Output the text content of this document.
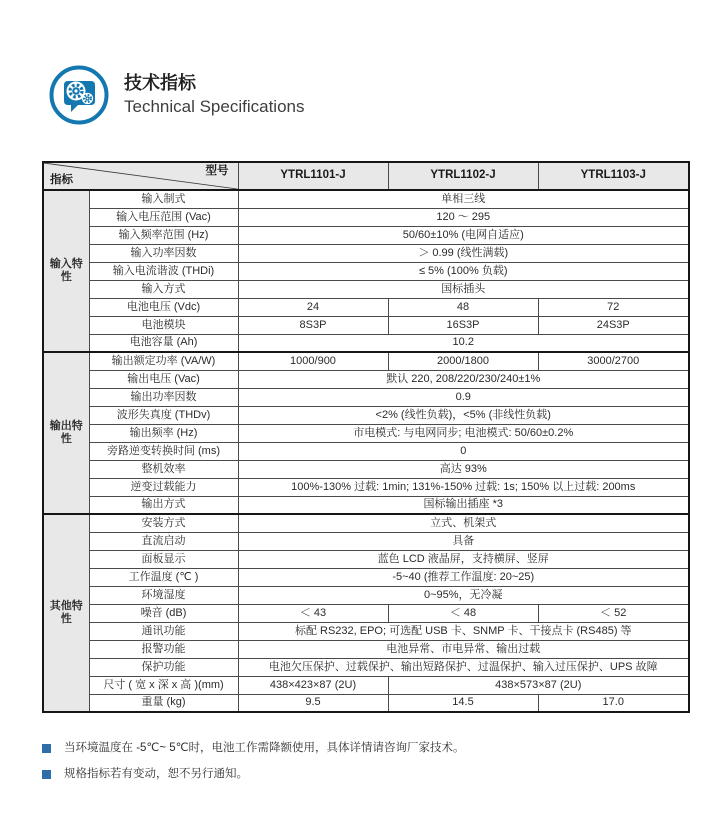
技术指标
Technical Specifications
型号
指标		YTRL1101-J	YTRL1102-J	YTRL1103-J
输入特性	输入制式	单相三线		
	输入电压范围 (Vac)	120 ～ 295		
	输入频率范围 (Hz)	50/60±10% (电网自适应)		
	输入功率因数	＞ 0.99 (线性满载)		
	输入电流谐波 (THDi)	≤ 5% (100% 负载)		
	输入方式	国标插头		
	电池电压 (Vdc)	24	48	72
	电池模块	8S3P	16S3P	24S3P
	电池容量 (Ah)	10.2		
输出特性	输出额定功率 (VA/W)	1000/900	2000/1800	3000/2700
	输出电压 (Vac)	默认 220, 208/220/230/240±1%		
	输出功率因数	0.9		
	波形失真度 (THDv)	<2% (线性负载)，<5% (非线性负载)		
	输出频率 (Hz)	市电模式: 与电网同步; 电池模式: 50/60±0.2%		
	旁路逆变转换时间 (ms)	0		
	整机效率	高达 93%		
	逆变过载能力	100%-130% 过载: 1min; 131%-150% 过载: 1s; 150% 以上过载: 200ms		
	输出方式	国标输出插座 *3		
其他特性	安装方式	立式、机架式		
	直流启动	具备		
	面板显示	蓝色 LCD 液晶屏，支持横屏、竖屏		
	工作温度 (℃ )	-5~40 (推荐工作温度: 20~25)		
	环境湿度	0~95%，无冷凝		
	噪音 (dB)	＜ 43	＜ 48	＜ 52
	通讯功能	标配 RS232, EPO; 可选配 USB 卡、SNMP 卡、干接点卡 (RS485) 等		
	报警功能	电池异常、市电异常、输出过载		
	保护功能	电池欠压保护、过载保护、输出短路保护、过温保护、输入过压保护、UPS 故障		
	尺寸 ( 宽 x 深 x 高 )(mm)	438×423×87 (2U)	438×573×87 (2U)	
	重量 (kg)	9.5	14.5	17.0
当环境温度在 -5℃~ 5℃时，电池工作需降额使用，具体详情请咨询厂家技术。
规格指标若有变动，恕不另行通知。
